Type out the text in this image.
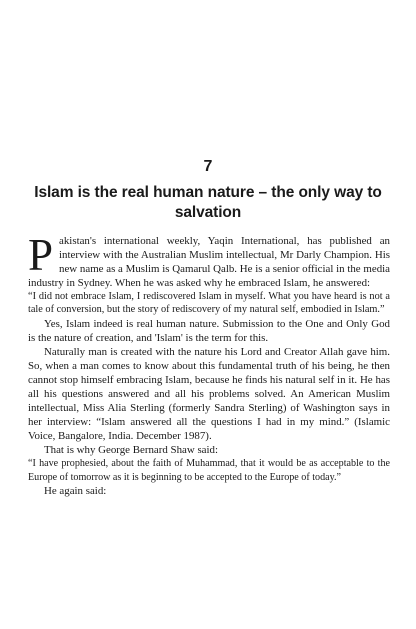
7
Islam is the real human nature – the only way to salvation

Pakistan's international weekly, Yaqin International, has published an interview with the Australian Muslim intellectual, Mr Darly Champion. His new name as a Muslim is Qamarul Qalb. He is a senior official in the media industry in Sydney. When he was asked why he embraced Islam, he answered:

“I did not embrace Islam, I rediscovered Islam in myself. What you have heard is not a tale of conversion, but the story of rediscovery of my natural self, embodied in Islam.”

Yes, Islam indeed is real human nature. Submission to the One and Only God is the nature of creation, and 'Islam' is the term for this.

Naturally man is created with the nature his Lord and Creator Allah gave him. So, when a man comes to know about this fundamental truth of his being, he then cannot stop himself embracing Islam, because he finds his natural self in it. He has all his questions answered and all his problems solved. An American Muslim intellectual, Miss Alia Sterling (formerly Sandra Sterling) of Washington says in her interview: “Islam answered all the questions I had in my mind.” (Islamic Voice, Bangalore, India. December 1987).

That is why George Bernard Shaw said:

“I have prophesied, about the faith of Muhammad, that it would be as acceptable to the Europe of tomorrow as it is beginning to be accepted to the Europe of today.”

He again said:
